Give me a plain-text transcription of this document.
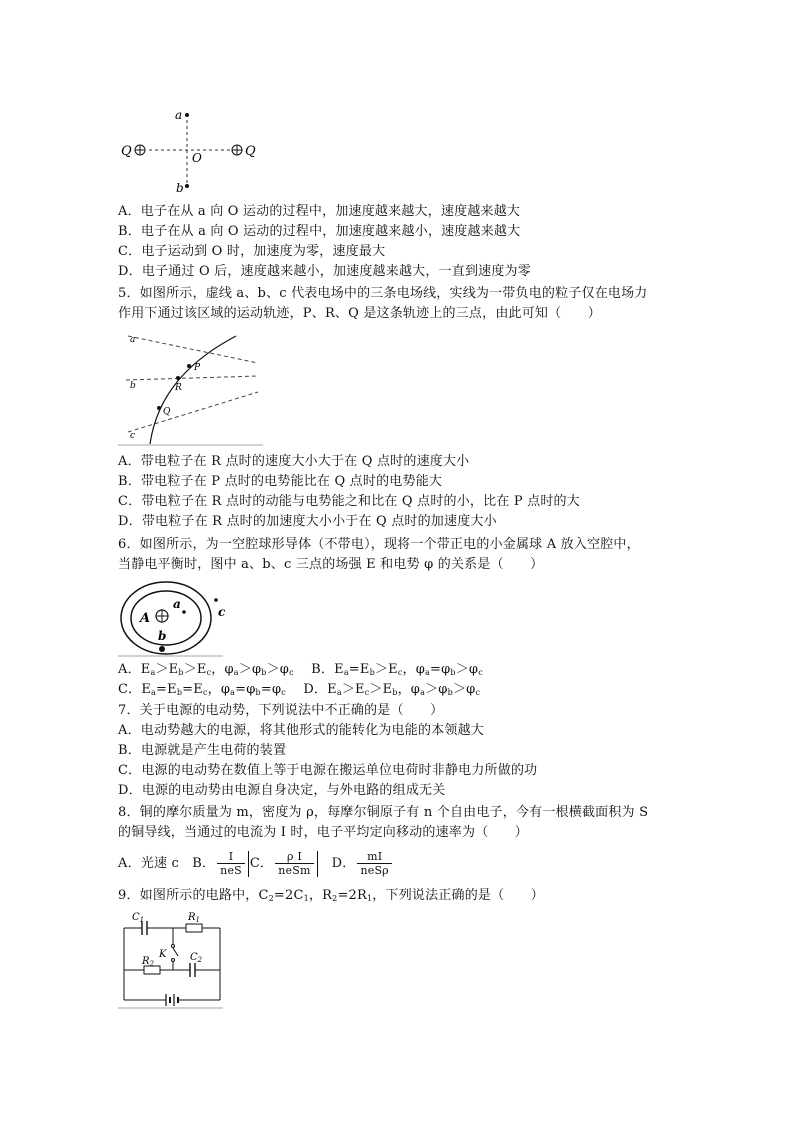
a
b
O
Q	Q
A．电子在从 a 向 O 运动的过程中，加速度越来越大，速度越来越大
B．电子在从 a 向 O 运动的过程中，加速度越来越小，速度越来越大
C．电子运动到 O 时，加速度为零，速度最大
D．电子通过 O 后，速度越来越小，加速度越来越大，一直到速度为零
5．如图所示，虚线 a、b、c 代表电场中的三条电场线，实线为一带负电的粒子仅在电场力
作用下通过该区域的运动轨迹，P、R、Q 是这条轨迹上的三点，由此可知（　　）
a
b
c
P
R
Q
A．带电粒子在 R 点时的速度大小大于在 Q 点时的速度大小
B．带电粒子在 P 点时的电势能比在 Q 点时的电势能大
C．带电粒子在 R 点时的动能与电势能之和比在 Q 点时的小，比在 P 点时的大
D．带电粒子在 R 点时的加速度大小小于在 Q 点时的加速度大小
6．如图所示，为一空腔球形导体（不带电），现将一个带正电的小金属球 A 放入空腔中，
当静电平衡时，图中 a、b、c 三点的场强 E 和电势 φ 的关系是（　　）
A
a
b
c
A．$E_a>E_b>E_c$，$\varphi_a>\varphi_b>\varphi_c$ B．$E_a=E_b>E_c$，$\varphi_a=\varphi_b>\varphi_c$
C．$E_a=E_b=E_c$，$\varphi_a=\varphi_b=\varphi_c$ D．$E_a>E_c>E_b$，$\varphi_a>\varphi_b>\varphi_c$
7．关于电源的电动势，下列说法中不正确的是（　　）
A．电动势越大的电源，将其他形式的能转化为电能的本领越大
B．电源就是产生电荷的装置
C．电源的电动势在数值上等于电源在搬运单位电荷时非静电力所做的功
D．电源的电动势由电源自身决定，与外电路的组成无关
8．铜的摩尔质量为 m，密度为 ρ，每摩尔铜原子有 n 个自由电子，今有一根横截面积为 S
的铜导线，当通过的电流为 I 时，电子平均定向移动的速率为（　　）
A．光速 c　B． $\frac{I}{\text{neS}}$ C． $\frac{\text{ρ I}}{\text{neSm}}$ D． $\frac{mI}{\text{neSρ}}$
9．如图所示的电路中，$C_2=2C_1$，$R_2=2R_1$，下列说法正确的是（　　）
$C_1$	$R_1$
$R_2$
$C_2$
K
